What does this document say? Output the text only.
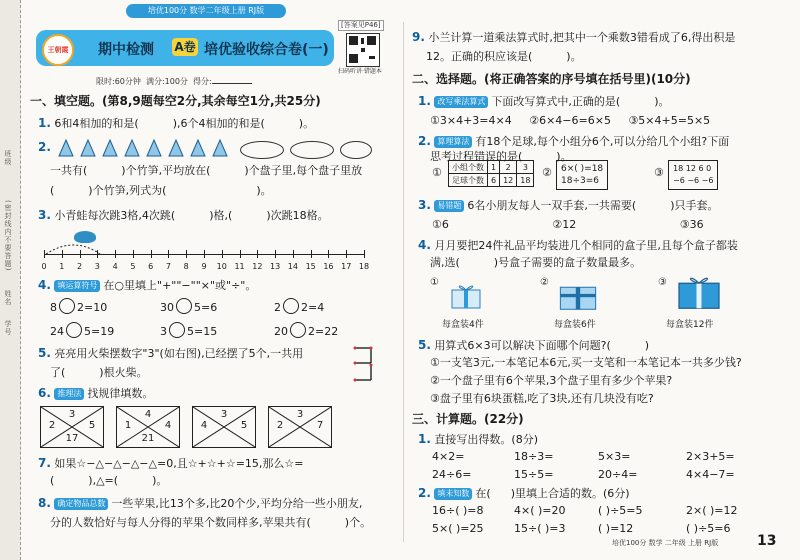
班级
(密封线内不要答题)
姓名
学号
培优100分 数学二年级上册 RJ版
[答案见P46]
王朝霞	期中检测 A卷 培优验收综合卷(一)
扫码听讲·错题本
限时:60分钟 满分:100分 得分:
一、填空题。(第8,9题每空2分,其余每空1分,共25分)
1. 6和4相加的和是(	),6个4相加的和是(	)。
2.
一共有(	)个竹笋,平均放在(	)个盘子里,每个盘子里放
(	)个竹笋,列式为(	)。
3. 小青蛙每次跳3格,4次跳(	)格,(	)次跳18格。
0	1	2	3	4	5	6	7	8	9	10 11 12 13 14 15 16 17 18
4. 填运算符号 在○里填上"+""−""×"或"÷"。
8 2=10	30 5=6	2 2=4
24 5=19	3 5=15	20 2=22
5. 亮亮用火柴摆数字"3"(如右图),已经摆了5个,一共用
了(	)根火柴。
6. 推理法 找规律填数。
3
2	5
17
4
1	4
21
3
4	5
3
2	7
7. 如果☆−△−△−△−△=0,且☆+☆+☆=15,那么☆=
(	),△=(	)。
8. 确定物品总数 一些苹果,比13个多,比20个少,平均分给一些小朋友,
分的人数恰好与每人分得的苹果个数同样多,苹果共有(	)个。
9. 小兰计算一道乘法算式时,把其中一个乘数3错看成了6,得出积是
12。正确的积应该是(	)。
二、选择题。(将正确答案的序号填在括号里)(10分)
1. 改写乘法算式 下面改写算式中,正确的是(	)。
①3×4+3=4×4 ②6×4−6=6×5 ③5×4+5=5×5
2. 算理算法 有18个足球,每个小组分6个,可以分给几个小组?下面
思考过程错误的是(	)。
① 小组个数	1	2	3
足球个数	6	12	18
② 6×( )=18
18÷3=6
③ 18 12 6 0
−6 −6 −6
3. 易错题 6名小朋友每人一双手套,一共需要(	)只手套。
①6	②12	③36
4. 月月要把24件礼品平均装进几个相同的盒子里,且每个盒子都装
满,选(	)号盒子需要的盒子数量最多。
①
每盒装4件
②
每盒装6件
③
每盒装12件
5. 用算式6×3可以解决下面哪个问题?(	)
①一支笔3元,一本笔记本6元,买一支笔和一本笔记本一共多少钱?
②一个盘子里有6个苹果,3个盘子里有多少个苹果?
③盘子里有6块蛋糕,吃了3块,还有几块没有吃?
三、计算题。(22分)
1. 直接写出得数。(8分)
4×2=	18÷3=	5×3=	2×3+5=
24÷6=	15÷5=	20÷4=	4×4−7=
2. 填未知数 在( )里填上合适的数。(6分)
16÷( )=8	4×( )=20	( )÷5=5	2×( )=12
5×( )=25	15÷( )=3	( )=12	( )÷5=6
培优100分 数学 二年级 上册 RJ版	13
